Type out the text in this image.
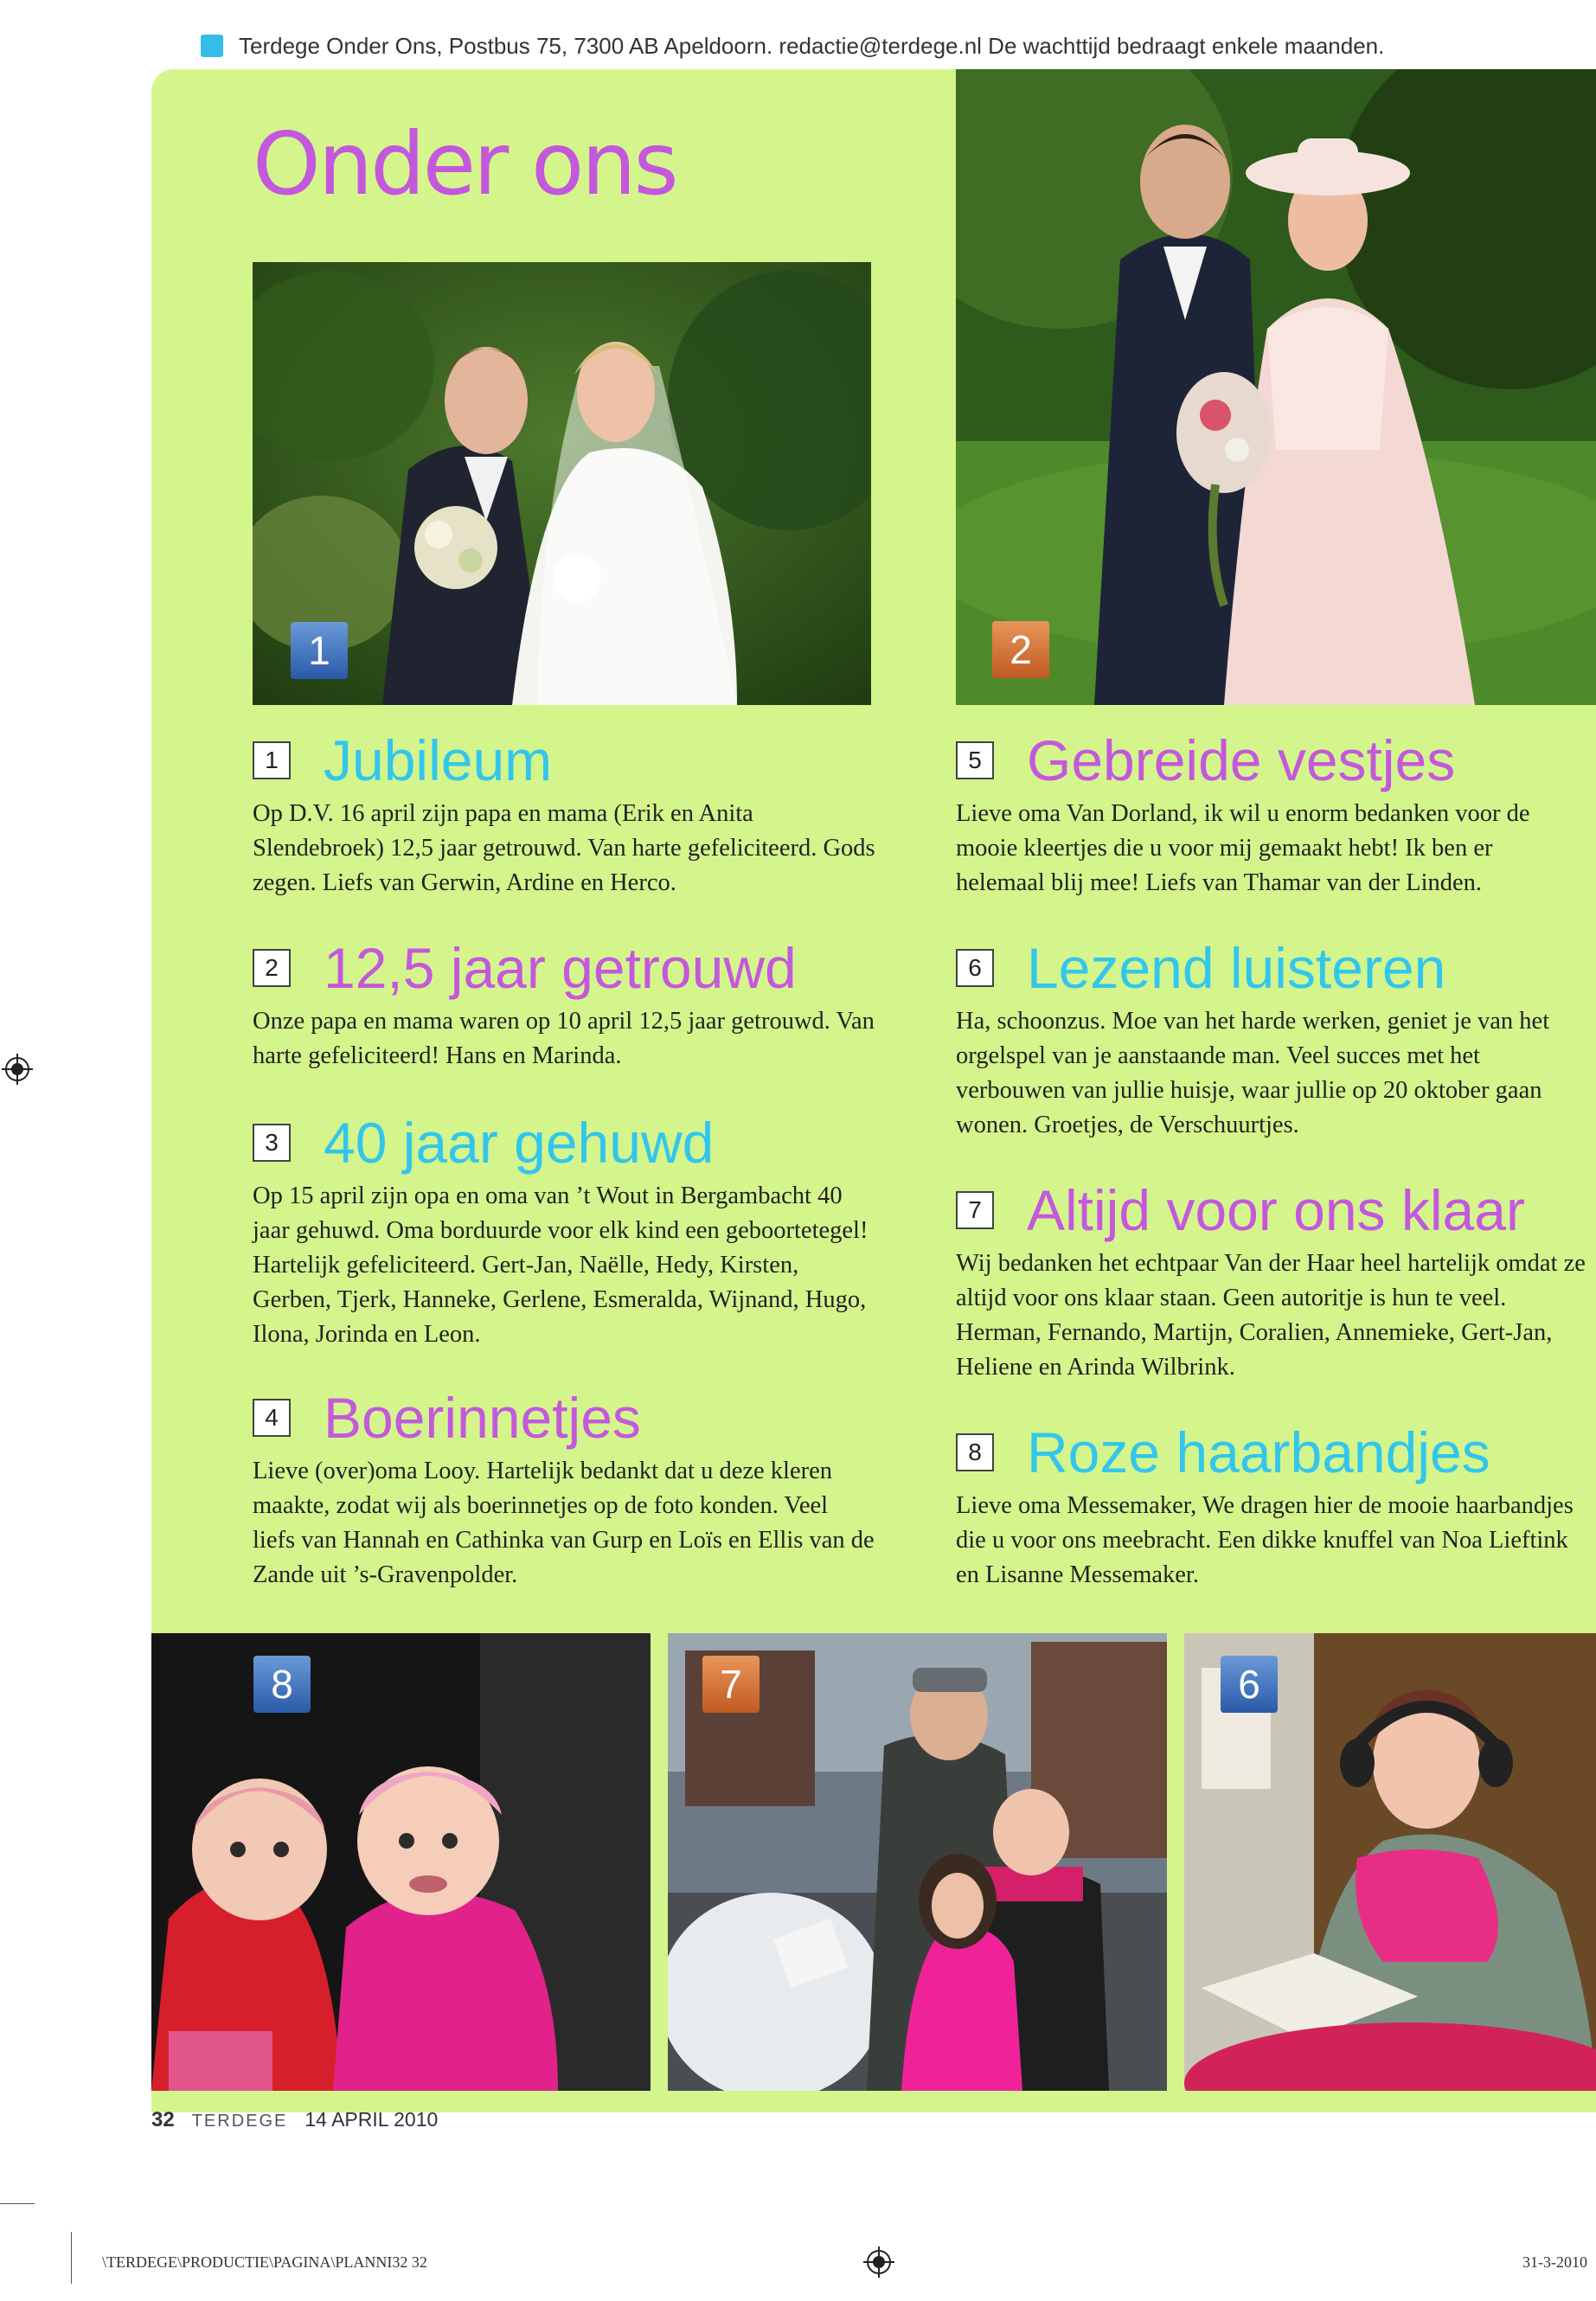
Terdege Onder Ons, Postbus 75, 7300 AB Apeldoorn. redactie@terdege.nl De wachttijd bedraagt enkele maanden.
Onder ons
1	2
1 Jubileum
Op D.V. 16 april zijn papa en mama (Erik en Anita Slendebroek) 12,5 jaar getrouwd. Van harte gefeliciteerd. Gods zegen. Liefs van Gerwin, Ardine en Herco.
2 12,5 jaar getrouwd
Onze papa en mama waren op 10 april 12,5 jaar getrouwd. Van harte gefeliciteerd! Hans en Marinda.
3 40 jaar gehuwd
Op 15 april zijn opa en oma van ’t Wout in Bergambacht 40 jaar gehuwd. Oma borduurde voor elk kind een geboortetegel! Hartelijk gefeliciteerd. Gert-Jan, Naëlle, Hedy, Kirsten, Gerben, Tjerk, Hanneke, Gerlene, Esmeralda, Wijnand, Hugo, Ilona, Jorinda en Leon.
4 Boerinnetjes
Lieve (over)oma Looy. Hartelijk bedankt dat u deze kleren maakte, zodat wij als boerinnetjes op de foto konden. Veel liefs van Hannah en Cathinka van Gurp en Loïs en Ellis van de Zande uit ’s-Gravenpolder.
5 Gebreide vestjes
Lieve oma Van Dorland, ik wil u enorm bedanken voor de mooie kleertjes die u voor mij gemaakt hebt! Ik ben er helemaal blij mee! Liefs van Thamar van der Linden.
6 Lezend luisteren
Ha, schoonzus. Moe van het harde werken, geniet je van het orgelspel van je aanstaande man. Veel succes met het verbouwen van jullie huisje, waar jullie op 20 oktober gaan wonen. Groetjes, de Verschuurtjes.
7 Altijd voor ons klaar
Wij bedanken het echtpaar Van der Haar heel hartelijk omdat ze altijd voor ons klaar staan. Geen autoritje is hun te veel. Herman, Fernando, Martijn, Coralien, Annemieke, Gert-Jan, Heliene en Arinda Wilbrink.
8 Roze haarbandjes
Lieve oma Messemaker, We dragen hier de mooie haarbandjes die u voor ons meebracht. Een dikke knuffel van Noa Lieftink en Lisanne Messemaker.
8	7	6
32 TERDEGE 14 APRIL 2010
\TERDEGE\PRODUCTIE\PAGINA\PLANNI32 32	31-3-2010
